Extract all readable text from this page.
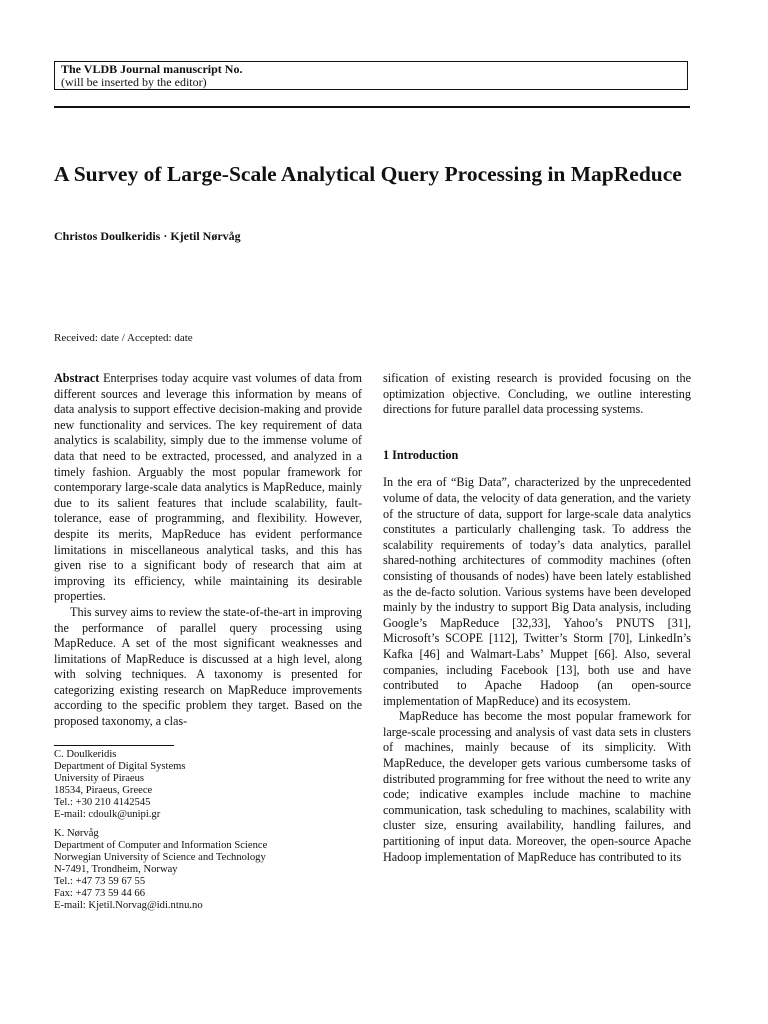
The VLDB Journal manuscript No.
(will be inserted by the editor)
A Survey of Large-Scale Analytical Query Processing in MapReduce
Christos Doulkeridis · Kjetil Nørvåg
Received: date / Accepted: date

Abstract Enterprises today acquire vast volumes of data from different sources and leverage this information by means of data analysis to support effective decision-making and provide new functionality and services. The key requirement of data analytics is scalability, simply due to the immense volume of data that need to be extracted, processed, and analyzed in a timely fashion. Arguably the most popular framework for contemporary large-scale data analytics is MapReduce, mainly due to its salient features that include scalability, fault-tolerance, ease of programming, and flexibility. However, despite its merits, MapReduce has evident performance limitations in miscellaneous analytical tasks, and this has given rise to a significant body of research that aim at improving its efficiency, while maintaining its desirable properties.

This survey aims to review the state-of-the-art in improving the performance of parallel query processing using MapReduce. A set of the most significant weaknesses and limitations of MapReduce is discussed at a high level, along with solving techniques. A taxonomy is presented for categorizing existing research on MapReduce improvements according to the specific problem they target. Based on the proposed taxonomy, a clas-

sification of existing research is provided focusing on the optimization objective. Concluding, we outline interesting directions for future parallel data processing systems.

1 Introduction

In the era of “Big Data”, characterized by the unprecedented volume of data, the velocity of data generation, and the variety of the structure of data, support for large-scale data analytics constitutes a particularly challenging task. To address the scalability requirements of today’s data analytics, parallel shared-nothing architectures of commodity machines (often consisting of thousands of nodes) have been lately established as the de-facto solution. Various systems have been developed mainly by the industry to support Big Data analysis, including Google’s MapReduce [32,33], Yahoo’s PNUTS [31], Microsoft’s SCOPE [112], Twitter’s Storm [70], LinkedIn’s Kafka [46] and Walmart-Labs’ Muppet [66]. Also, several companies, including Facebook [13], both use and have contributed to Apache Hadoop (an open-source implementation of MapReduce) and its ecosystem.

MapReduce has become the most popular framework for large-scale processing and analysis of vast data sets in clusters of machines, mainly because of its simplicity. With MapReduce, the developer gets various cumbersome tasks of distributed programming for free without the need to write any code; indicative examples include machine to machine communication, task scheduling to machines, scalability with cluster size, ensuring availability, handling failures, and partitioning of input data. Moreover, the open-source Apache Hadoop implementation of MapReduce has contributed to its

C. Doulkeridis
Department of Digital Systems
University of Piraeus
18534, Piraeus, Greece
Tel.: +30 210 4142545
E-mail: cdoulk@unipi.gr
K. Nørvåg
Department of Computer and Information Science
Norwegian University of Science and Technology
N-7491, Trondheim, Norway
Tel.: +47 73 59 67 55
Fax: +47 73 59 44 66
E-mail: Kjetil.Norvag@idi.ntnu.no
